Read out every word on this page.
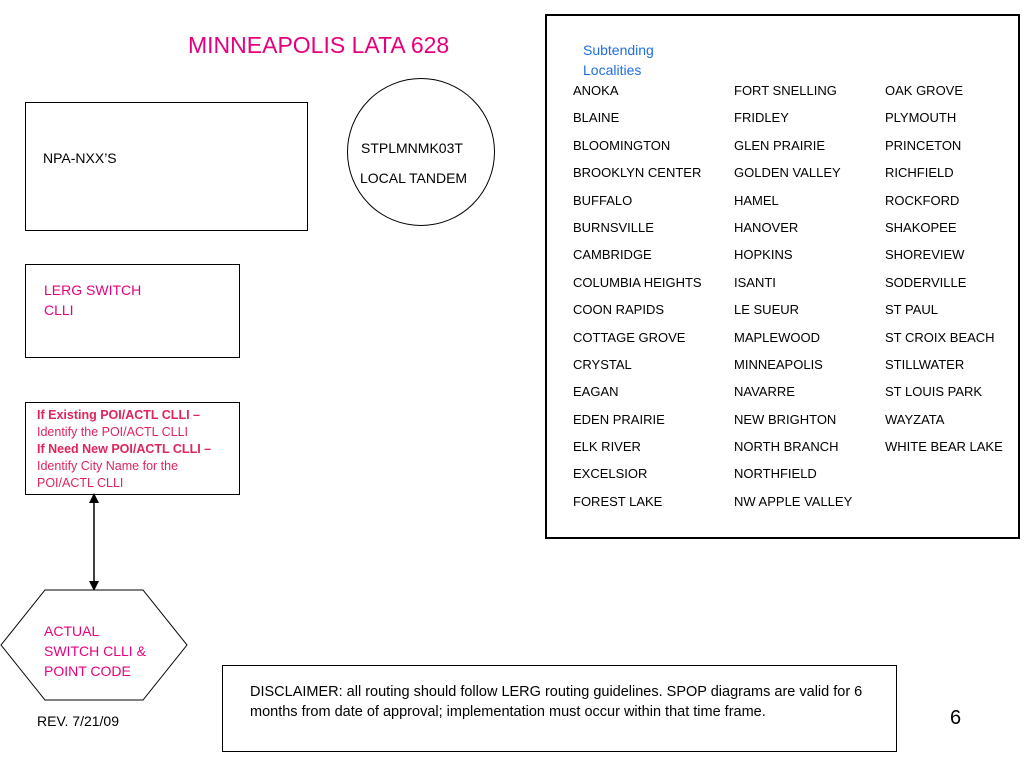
MINNEAPOLIS LATA 628
NPA-NXX’S
STPLMNMK03T
LOCAL TANDEM
LERG SWITCH
CLLI
If Existing POI/ACTL CLLI – Identify the POI/ACTL CLLI
If Need New POI/ACTL CLLI – Identify City Name for the POI/ACTL CLLI
ACTUAL
SWITCH CLLI &
POINT CODE
Subtending
Localities
ANOKA
BLAINE
BLOOMINGTON
BROOKLYN CENTER
BUFFALO
BURNSVILLE
CAMBRIDGE
COLUMBIA HEIGHTS
COON RAPIDS
COTTAGE GROVE
CRYSTAL
EAGAN
EDEN PRAIRIE
ELK RIVER
EXCELSIOR
FOREST LAKE
FORT SNELLING
FRIDLEY
GLEN PRAIRIE
GOLDEN VALLEY
HAMEL
HANOVER
HOPKINS
ISANTI
LE SUEUR
MAPLEWOOD
MINNEAPOLIS
NAVARRE
NEW BRIGHTON
NORTH BRANCH
NORTHFIELD
NW APPLE VALLEY
OAK GROVE
PLYMOUTH
PRINCETON
RICHFIELD
ROCKFORD
SHAKOPEE
SHOREVIEW
SODERVILLE
ST PAUL
ST CROIX BEACH
STILLWATER
ST LOUIS PARK
WAYZATA
WHITE BEAR LAKE
DISCLAIMER: all routing should follow LERG routing guidelines. SPOP diagrams are valid for 6 months from date of approval; implementation must occur within that time frame.
REV. 7/21/09	6
